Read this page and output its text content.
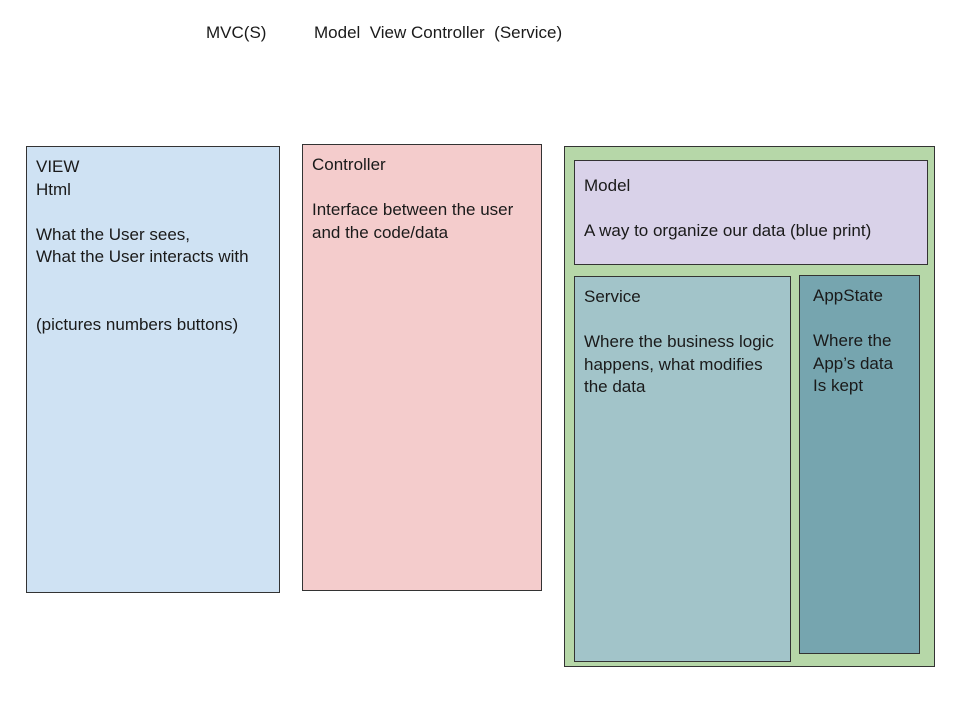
MVC(S)	Model  View Controller  (Service)
VIEW
Html
What the User sees,
What the User interacts with
(pictures numbers buttons)
Controller
Interface between the user and the code/data
Model
A way to organize our data (blue print)
Service
Where the business logic happens, what modifies the data
AppState
Where the
App’s data
Is kept
